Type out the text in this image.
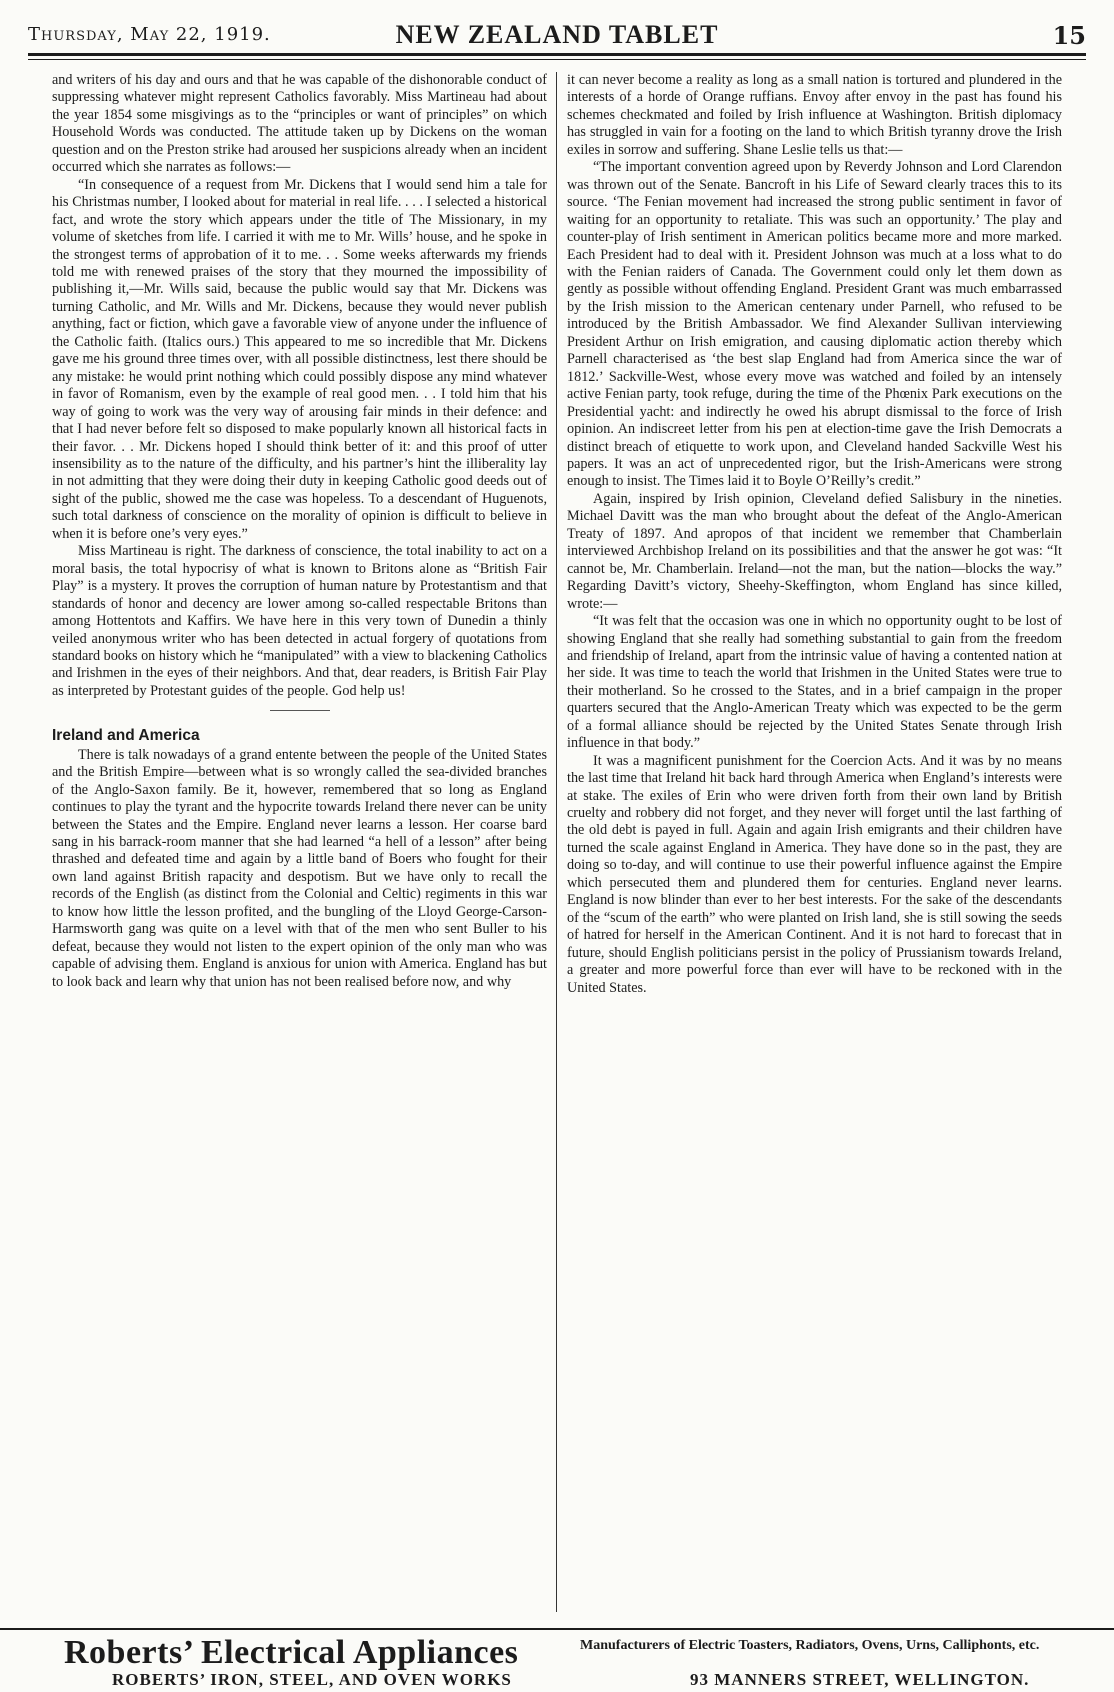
Thursday, May 22, 1919.	NEW ZEALAND TABLET	15

and writers of his day and ours and that he was capable of the dishonorable conduct of suppressing whatever might represent Catholics favorably. Miss Martineau had about the year 1854 some misgivings as to the “principles or want of principles” on which Household Words was conducted. The attitude taken up by Dickens on the woman question and on the Preston strike had aroused her suspicions already when an incident occurred which she narrates as follows:—

“In consequence of a request from Mr. Dickens that I would send him a tale for his Christmas number, I looked about for material in real life. . . . I selected a historical fact, and wrote the story which appears under the title of The Missionary, in my volume of sketches from life. I carried it with me to Mr. Wills’ house, and he spoke in the strongest terms of approbation of it to me. . . Some weeks afterwards my friends told me with renewed praises of the story that they mourned the impossibility of publishing it,—Mr. Wills said, because the public would say that Mr. Dickens was turning Catholic, and Mr. Wills and Mr. Dickens, because they would never publish anything, fact or fiction, which gave a favorable view of anyone under the influence of the Catholic faith. (Italics ours.) This appeared to me so incredible that Mr. Dickens gave me his ground three times over, with all possible distinctness, lest there should be any mistake: he would print nothing which could possibly dispose any mind whatever in favor of Romanism, even by the example of real good men. . . I told him that his way of going to work was the very way of arousing fair minds in their defence: and that I had never before felt so disposed to make popularly known all historical facts in their favor. . . Mr. Dickens hoped I should think better of it: and this proof of utter insensibility as to the nature of the difficulty, and his partner’s hint the illiberality lay in not admitting that they were doing their duty in keeping Catholic good deeds out of sight of the public, showed me the case was hopeless. To a descendant of Huguenots, such total darkness of conscience on the morality of opinion is difficult to believe in when it is before one’s very eyes.”

Miss Martineau is right. The darkness of conscience, the total inability to act on a moral basis, the total hypocrisy of what is known to Britons alone as “British Fair Play” is a mystery. It proves the corruption of human nature by Protestantism and that standards of honor and decency are lower among so-called respectable Britons than among Hottentots and Kaffirs. We have here in this very town of Dunedin a thinly veiled anonymous writer who has been detected in actual forgery of quotations from standard books on history which he “manipulated” with a view to blackening Catholics and Irishmen in the eyes of their neighbors. And that, dear readers, is British Fair Play as interpreted by Protestant guides of the people. God help us!

Ireland and America

There is talk nowadays of a grand entente between the people of the United States and the British Empire—between what is so wrongly called the sea-divided branches of the Anglo-Saxon family. Be it, however, remembered that so long as England continues to play the tyrant and the hypocrite towards Ireland there never can be unity between the States and the Empire. England never learns a lesson. Her coarse bard sang in his barrack-room manner that she had learned “a hell of a lesson” after being thrashed and defeated time and again by a little band of Boers who fought for their own land against British rapacity and despotism. But we have only to recall the records of the English (as distinct from the Colonial and Celtic) regiments in this war to know how little the lesson profited, and the bungling of the Lloyd George-Carson-Harmsworth gang was quite on a level with that of the men who sent Buller to his defeat, because they would not listen to the expert opinion of the only man who was capable of advising them. England is anxious for union with America. England has but to look back and learn why that union has not been realised before now, and why

it can never become a reality as long as a small nation is tortured and plundered in the interests of a horde of Orange ruffians. Envoy after envoy in the past has found his schemes checkmated and foiled by Irish influence at Washington. British diplomacy has struggled in vain for a footing on the land to which British tyranny drove the Irish exiles in sorrow and suffering. Shane Leslie tells us that:—

“The important convention agreed upon by Reverdy Johnson and Lord Clarendon was thrown out of the Senate. Bancroft in his Life of Seward clearly traces this to its source. ‘The Fenian movement had increased the strong public sentiment in favor of waiting for an opportunity to retaliate. This was such an opportunity.’ The play and counter-play of Irish sentiment in American politics became more and more marked. Each President had to deal with it. President Johnson was much at a loss what to do with the Fenian raiders of Canada. The Government could only let them down as gently as possible without offending England. President Grant was much embarrassed by the Irish mission to the American centenary under Parnell, who refused to be introduced by the British Ambassador. We find Alexander Sullivan interviewing President Arthur on Irish emigration, and causing diplomatic action thereby which Parnell characterised as ‘the best slap England had from America since the war of 1812.’ Sackville-West, whose every move was watched and foiled by an intensely active Fenian party, took refuge, during the time of the Phœnix Park executions on the Presidential yacht: and indirectly he owed his abrupt dismissal to the force of Irish opinion. An indiscreet letter from his pen at election-time gave the Irish Democrats a distinct breach of etiquette to work upon, and Cleveland handed Sackville West his papers. It was an act of unprecedented rigor, but the Irish-Americans were strong enough to insist. The Times laid it to Boyle O’Reilly’s credit.”

Again, inspired by Irish opinion, Cleveland defied Salisbury in the nineties. Michael Davitt was the man who brought about the defeat of the Anglo-American Treaty of 1897. And apropos of that incident we remember that Chamberlain interviewed Archbishop Ireland on its possibilities and that the answer he got was: “It cannot be, Mr. Chamberlain. Ireland—not the man, but the nation—blocks the way.” Regarding Davitt’s victory, Sheehy-Skeffington, whom England has since killed, wrote:—

“It was felt that the occasion was one in which no opportunity ought to be lost of showing England that she really had something substantial to gain from the freedom and friendship of Ireland, apart from the intrinsic value of having a contented nation at her side. It was time to teach the world that Irishmen in the United States were true to their motherland. So he crossed to the States, and in a brief campaign in the proper quarters secured that the Anglo-American Treaty which was expected to be the germ of a formal alliance should be rejected by the United States Senate through Irish influence in that body.”

It was a magnificent punishment for the Coercion Acts. And it was by no means the last time that Ireland hit back hard through America when England’s interests were at stake. The exiles of Erin who were driven forth from their own land by British cruelty and robbery did not forget, and they never will forget until the last farthing of the old debt is payed in full. Again and again Irish emigrants and their children have turned the scale against England in America. They have done so in the past, they are doing so to-day, and will continue to use their powerful influence against the Empire which persecuted them and plundered them for centuries. England never learns. England is now blinder than ever to her best interests. For the sake of the descendants of the “scum of the earth” who were planted on Irish land, she is still sowing the seeds of hatred for herself in the American Continent. And it is not hard to forecast that in future, should English politicians persist in the policy of Prussianism towards Ireland, a greater and more powerful force than ever will have to be reckoned with in the United States.

Roberts’ Electrical Appliances	Manufacturers of Electric Toasters, Radiators, Ovens, Urns, Calliphonts, etc.
ROBERTS’ IRON, STEEL, AND OVEN WORKS	93 MANNERS STREET, WELLINGTON.
